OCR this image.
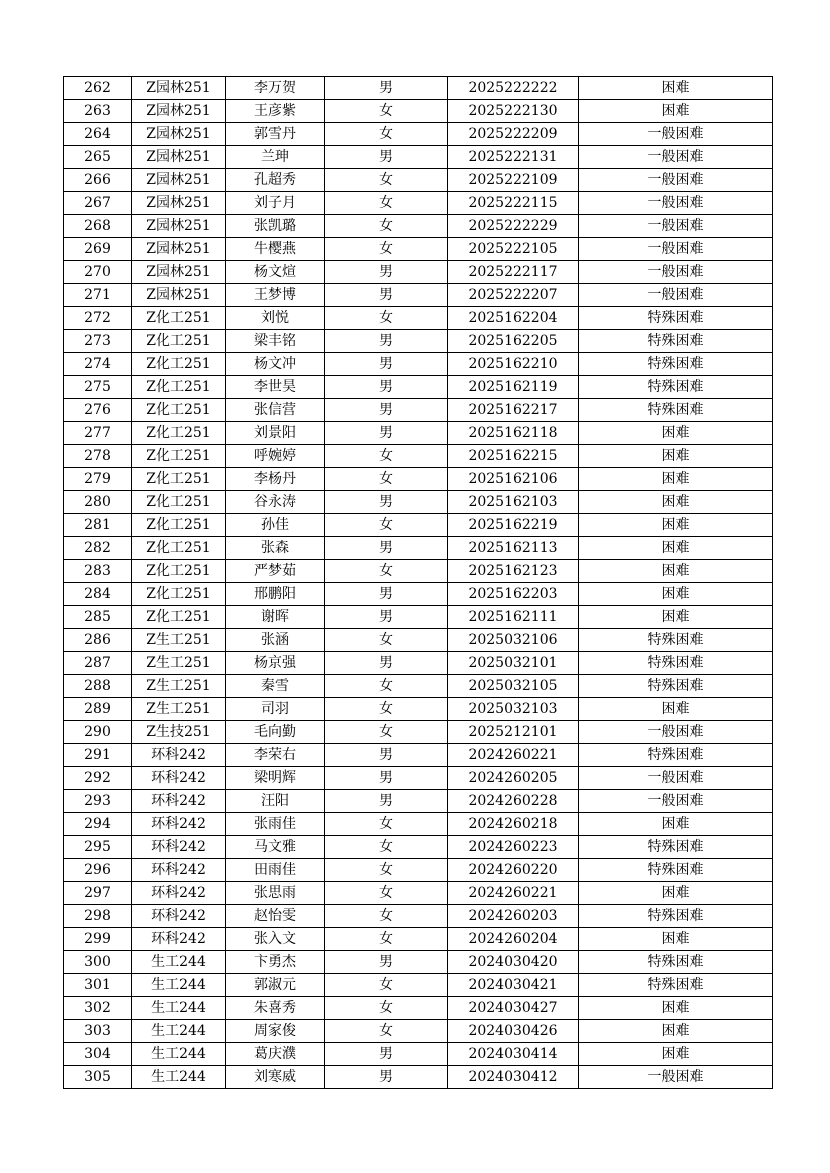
262	Z园林251	李万贺	男	2025222222	困难
263	Z园林251	王彦紫	女	2025222130	困难
264	Z园林251	郭雪丹	女	2025222209	一般困难
265	Z园林251	兰珅	男	2025222131	一般困难
266	Z园林251	孔超秀	女	2025222109	一般困难
267	Z园林251	刘子月	女	2025222115	一般困难
268	Z园林251	张凯璐	女	2025222229	一般困难
269	Z园林251	牛樱燕	女	2025222105	一般困难
270	Z园林251	杨文煊	男	2025222117	一般困难
271	Z园林251	王梦博	男	2025222207	一般困难
272	Z化工251	刘悦	女	2025162204	特殊困难
273	Z化工251	梁丰铭	男	2025162205	特殊困难
274	Z化工251	杨文冲	男	2025162210	特殊困难
275	Z化工251	李世昊	男	2025162119	特殊困难
276	Z化工251	张信营	男	2025162217	特殊困难
277	Z化工251	刘景阳	男	2025162118	困难
278	Z化工251	呼婉婷	女	2025162215	困难
279	Z化工251	李杨丹	女	2025162106	困难
280	Z化工251	谷永涛	男	2025162103	困难
281	Z化工251	孙佳	女	2025162219	困难
282	Z化工251	张森	男	2025162113	困难
283	Z化工251	严梦茹	女	2025162123	困难
284	Z化工251	邢鹏阳	男	2025162203	困难
285	Z化工251	谢晖	男	2025162111	困难
286	Z生工251	张涵	女	2025032106	特殊困难
287	Z生工251	杨京强	男	2025032101	特殊困难
288	Z生工251	秦雪	女	2025032105	特殊困难
289	Z生工251	司羽	女	2025032103	困难
290	Z生技251	毛向勤	女	2025212101	一般困难
291	环科242	李荣右	男	2024260221	特殊困难
292	环科242	梁明辉	男	2024260205	一般困难
293	环科242	汪阳	男	2024260228	一般困难
294	环科242	张雨佳	女	2024260218	困难
295	环科242	马文雅	女	2024260223	特殊困难
296	环科242	田雨佳	女	2024260220	特殊困难
297	环科242	张思雨	女	2024260221	困难
298	环科242	赵怡雯	女	2024260203	特殊困难
299	环科242	张入文	女	2024260204	困难
300	生工244	卞勇杰	男	2024030420	特殊困难
301	生工244	郭淑元	女	2024030421	特殊困难
302	生工244	朱喜秀	女	2024030427	困难
303	生工244	周家俊	女	2024030426	困难
304	生工244	葛庆濮	男	2024030414	困难
305	生工244	刘寒威	男	2024030412	一般困难
